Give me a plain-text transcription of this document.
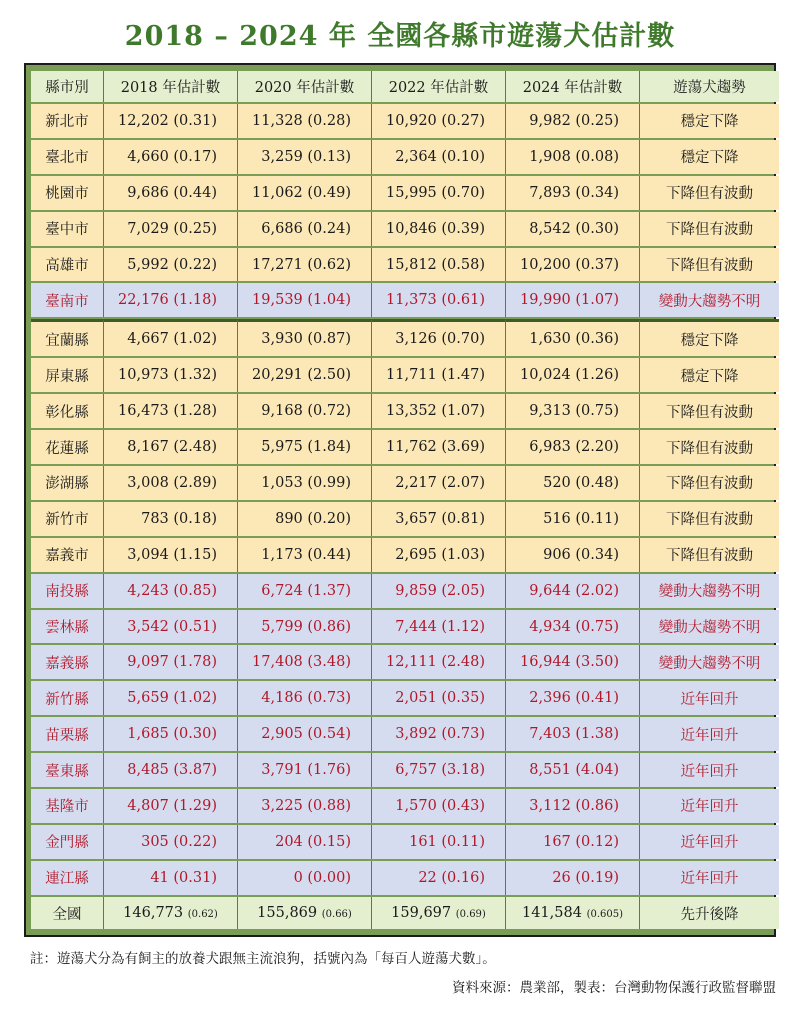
2018 – 2024 年 全國各縣市遊蕩犬估計數
縣市別	2018 年估計數	2020 年估計數	2022 年估計數	2024 年估計數	遊蕩犬趨勢
新北市	12,202 (0.31)	11,328 (0.28)	10,920 (0.27)	9,982 (0.25)	穩定下降
臺北市	4,660 (0.17)	3,259 (0.13)	2,364 (0.10)	1,908 (0.08)	穩定下降
桃園市	9,686 (0.44)	11,062 (0.49)	15,995 (0.70)	7,893 (0.34)	下降但有波動
臺中市	7,029 (0.25)	6,686 (0.24)	10,846 (0.39)	8,542 (0.30)	下降但有波動
高雄市	5,992 (0.22)	17,271 (0.62)	15,812 (0.58)	10,200 (0.37)	下降但有波動
臺南市	22,176 (1.18)	19,539 (1.04)	11,373 (0.61)	19,990 (1.07)	變動大趨勢不明
宜蘭縣	4,667 (1.02)	3,930 (0.87)	3,126 (0.70)	1,630 (0.36)	穩定下降
屏東縣	10,973 (1.32)	20,291 (2.50)	11,711 (1.47)	10,024 (1.26)	穩定下降
彰化縣	16,473 (1.28)	9,168 (0.72)	13,352 (1.07)	9,313 (0.75)	下降但有波動
花蓮縣	8,167 (2.48)	5,975 (1.84)	11,762 (3.69)	6,983 (2.20)	下降但有波動
澎湖縣	3,008 (2.89)	1,053 (0.99)	2,217 (2.07)	520 (0.48)	下降但有波動
新竹市	783 (0.18)	890 (0.20)	3,657 (0.81)	516 (0.11)	下降但有波動
嘉義市	3,094 (1.15)	1,173 (0.44)	2,695 (1.03)	906 (0.34)	下降但有波動
南投縣	4,243 (0.85)	6,724 (1.37)	9,859 (2.05)	9,644 (2.02)	變動大趨勢不明
雲林縣	3,542 (0.51)	5,799 (0.86)	7,444 (1.12)	4,934 (0.75)	變動大趨勢不明
嘉義縣	9,097 (1.78)	17,408 (3.48)	12,111 (2.48)	16,944 (3.50)	變動大趨勢不明
新竹縣	5,659 (1.02)	4,186 (0.73)	2,051 (0.35)	2,396 (0.41)	近年回升
苗栗縣	1,685 (0.30)	2,905 (0.54)	3,892 (0.73)	7,403 (1.38)	近年回升
臺東縣	8,485 (3.87)	3,791 (1.76)	6,757 (3.18)	8,551 (4.04)	近年回升
基隆市	4,807 (1.29)	3,225 (0.88)	1,570 (0.43)	3,112 (0.86)	近年回升
金門縣	305 (0.22)	204 (0.15)	161 (0.11)	167 (0.12)	近年回升
連江縣	41 (0.31)	0 (0.00)	22 (0.16)	26 (0.19)	近年回升
全國	146,773 (0.62)	155,869 (0.66)	159,697 (0.69)	141,584 (0.605)	先升後降
註：遊蕩犬分為有飼主的放養犬跟無主流浪狗，括號內為「每百人遊蕩犬數」。
資料來源：農業部，製表：台灣動物保護行政監督聯盟
